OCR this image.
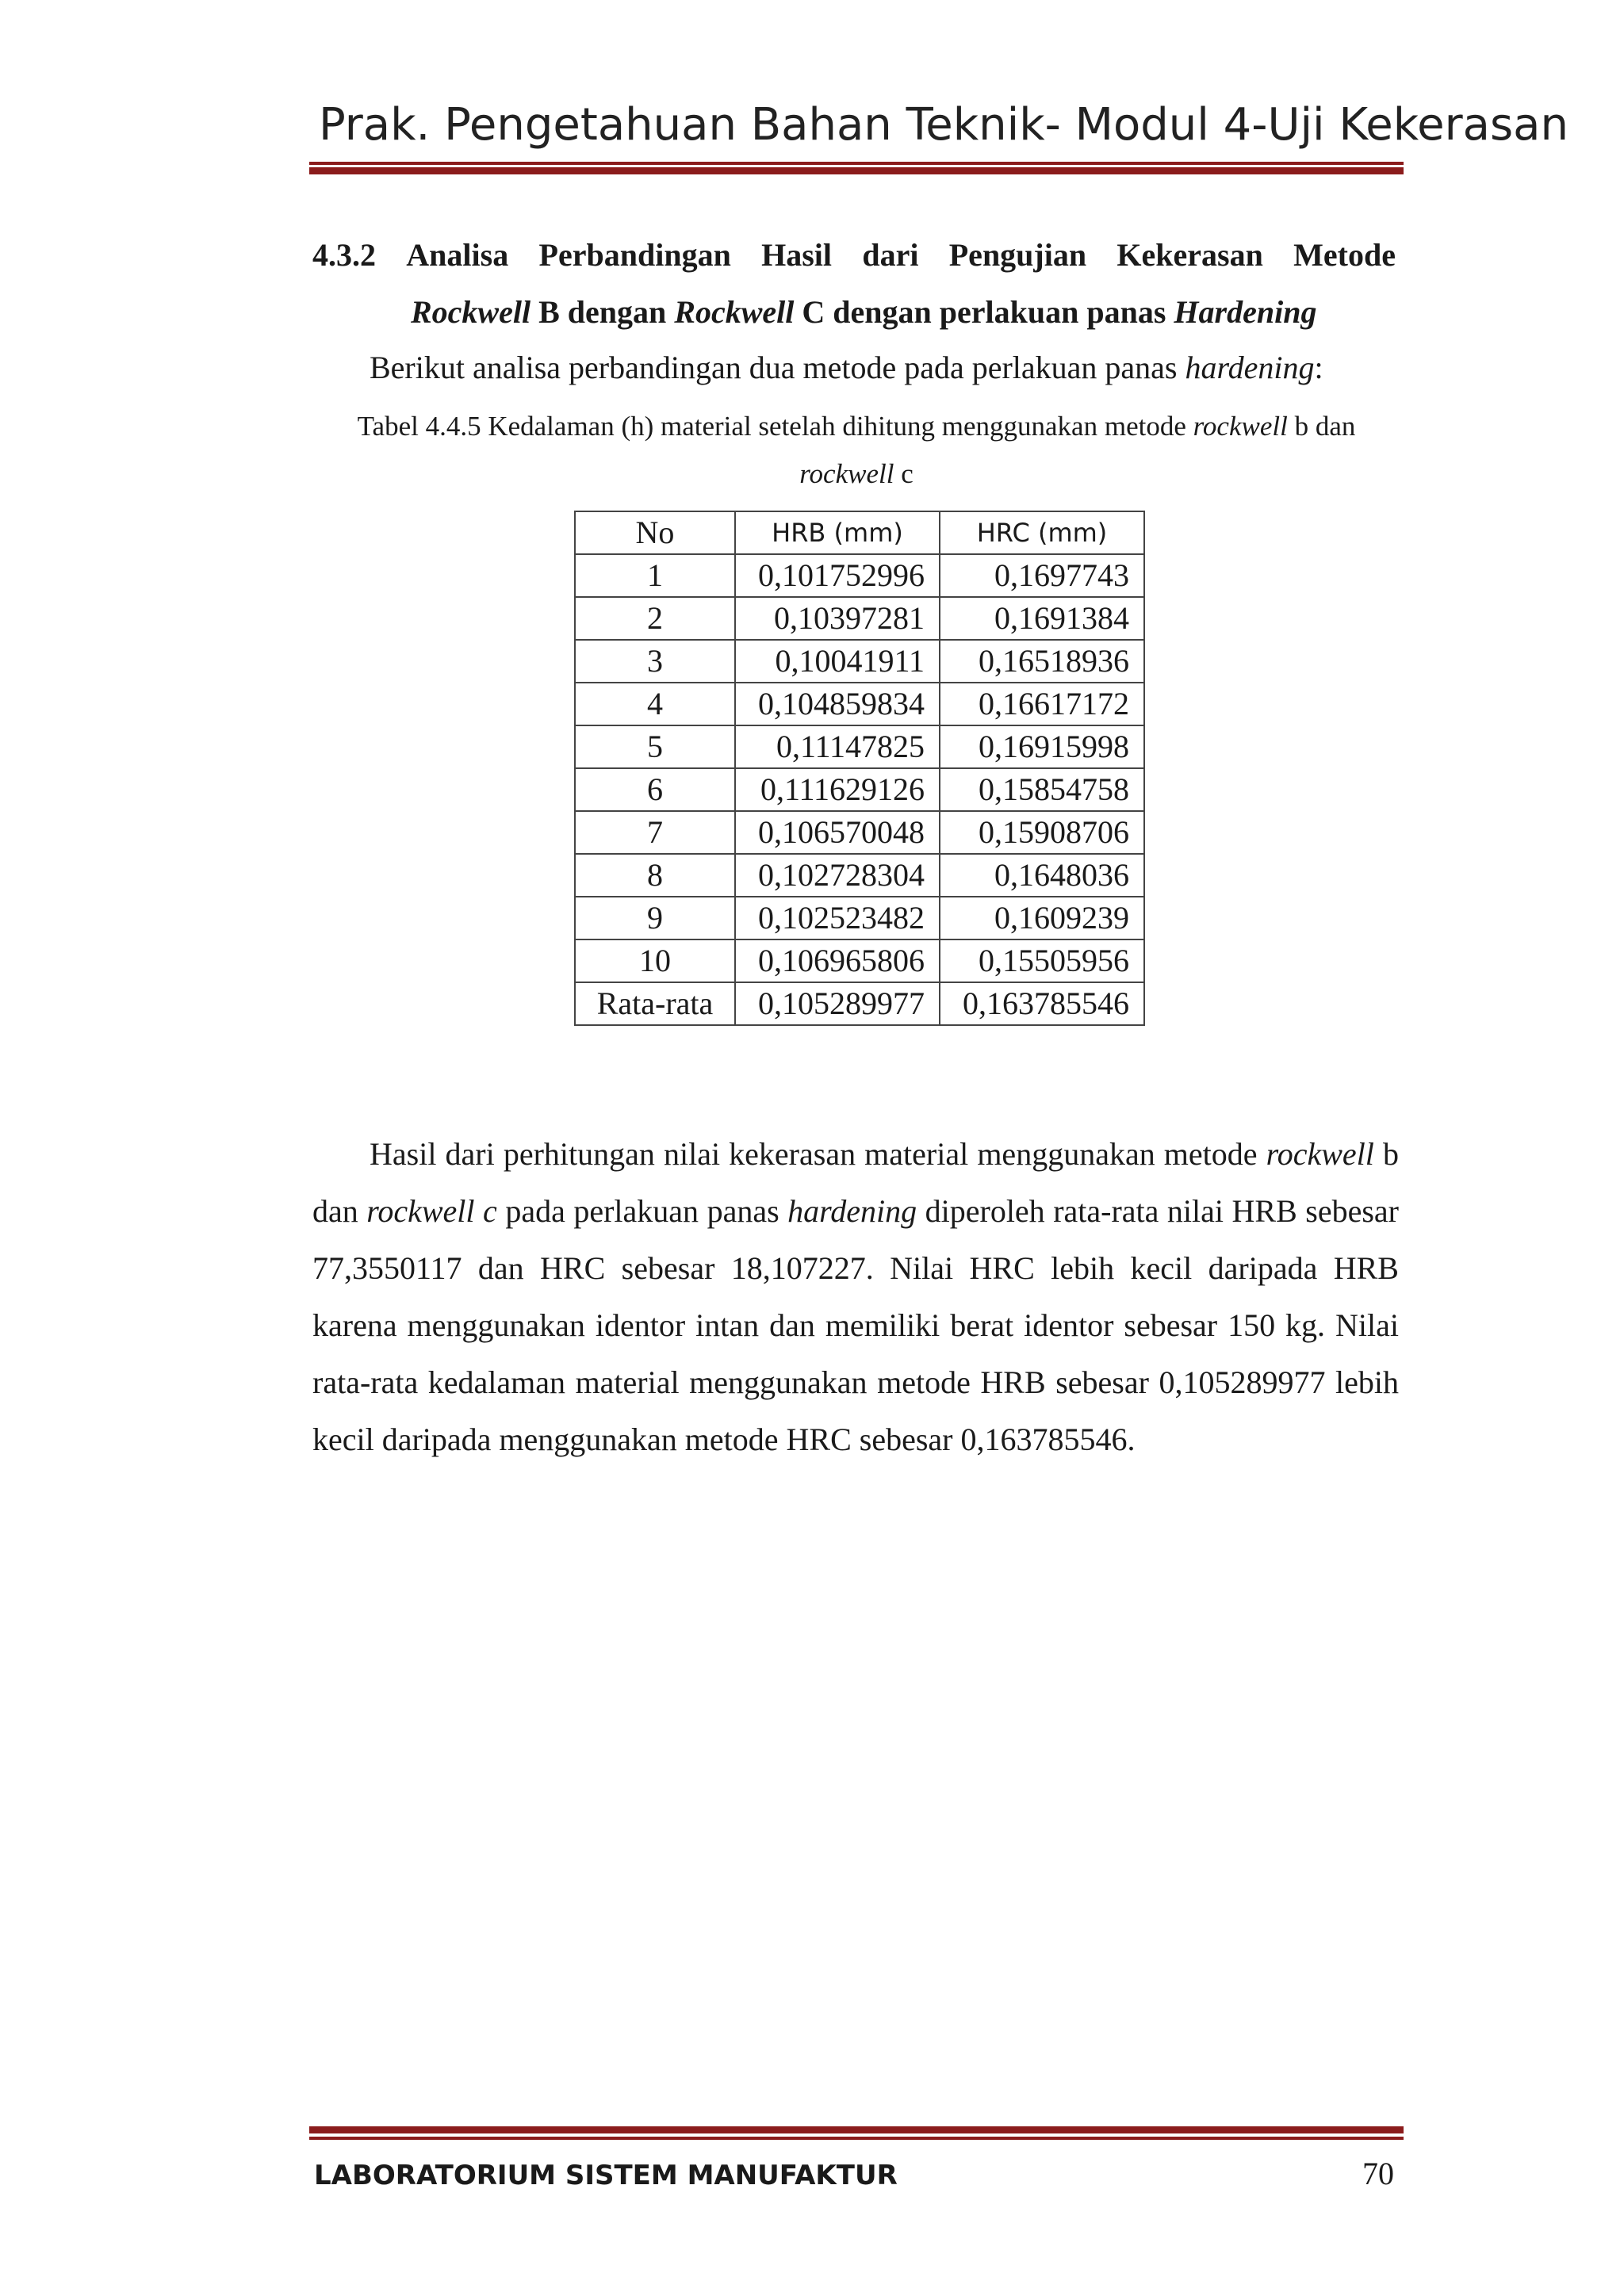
Prak. Pengetahuan Bahan Teknik- Modul 4-Uji Kekerasan
4.3.2 Analisa Perbandingan Hasil dari Pengujian Kekerasan Metode
Rockwell B dengan Rockwell C dengan perlakuan panas Hardening
Berikut analisa perbandingan dua metode pada perlakuan panas hardening:
Tabel 4.4.5 Kedalaman (h) material setelah dihitung menggunakan metode rockwell b dan
rockwell c
No	HRB (mm)	HRC (mm)
1	0,101752996	0,1697743
2	0,10397281	0,1691384
3	0,10041911	0,16518936
4	0,104859834	0,16617172
5	0,11147825	0,16915998
6	0,111629126	0,15854758
7	0,106570048	0,15908706
8	0,102728304	0,1648036
9	0,102523482	0,1609239
10	0,106965806	0,15505956
Rata-rata	0,105289977	0,163785546

Hasil dari perhitungan nilai kekerasan material menggunakan metode rockwell b dan rockwell c pada perlakuan panas hardening diperoleh rata-rata nilai HRB sebesar 77,3550117 dan HRC sebesar 18,107227. Nilai HRC lebih kecil daripada HRB karena menggunakan identor intan dan memiliki berat identor sebesar 150 kg. Nilai rata-rata kedalaman material menggunakan metode HRB sebesar 0,105289977 lebih kecil daripada menggunakan metode HRC sebesar 0,163785546.

LABORATORIUM SISTEM MANUFAKTUR	70
